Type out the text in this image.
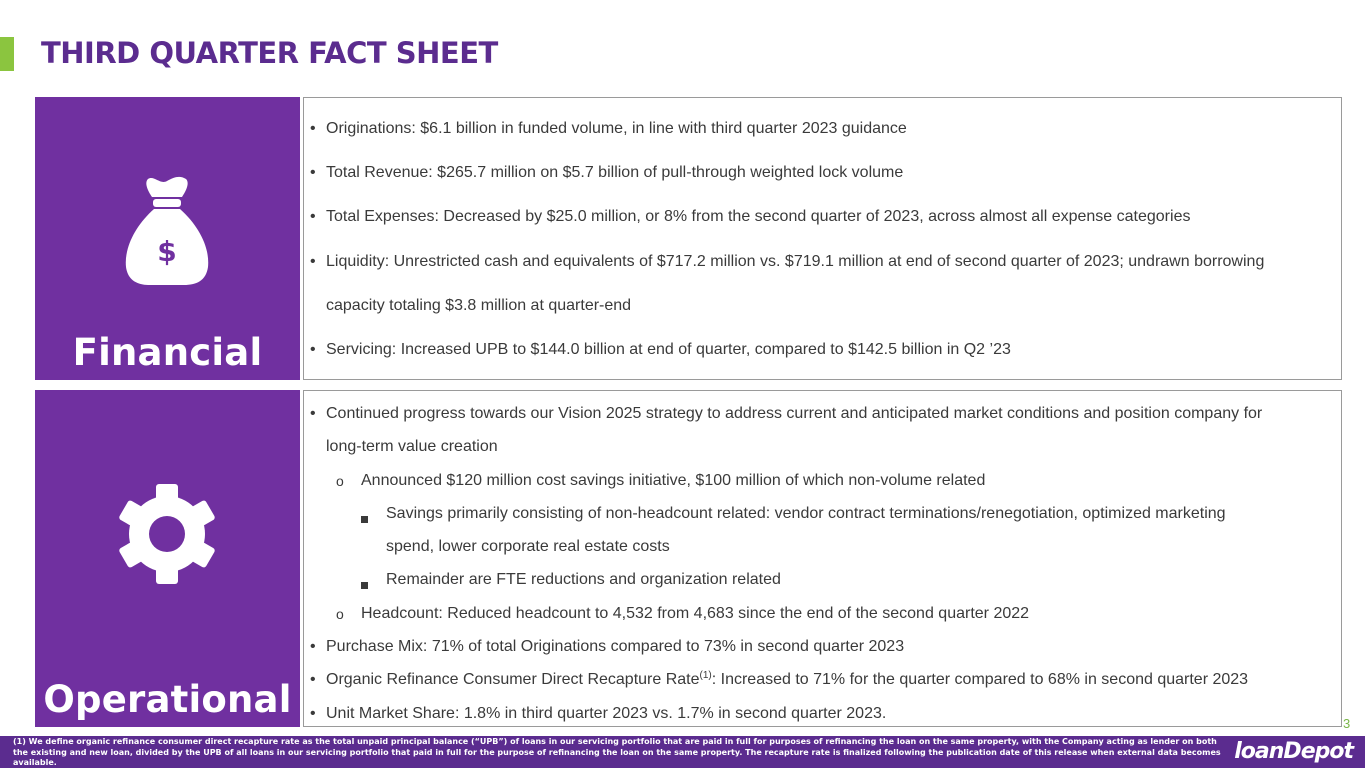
THIRD QUARTER FACT SHEET
$
Financial
• Originations: $6.1 billion in funded volume, in line with third quarter 2023 guidance
• Total Revenue: $265.7 million on $5.7 billion of pull-through weighted lock volume
• Total Expenses: Decreased by $25.0 million, or 8% from the second quarter of 2023, across almost all expense categories
• Liquidity: Unrestricted cash and equivalents of $717.2 million vs. $719.1 million at end of second quarter of 2023; undrawn borrowing
capacity totaling $3.8 million at quarter-end
• Servicing: Increased UPB to $144.0 billion at end of quarter, compared to $142.5 billion in Q2 ’23
Operational
• Continued progress towards our Vision 2025 strategy to address current and anticipated market conditions and position company for
long-term value creation
o Announced $120 million cost savings initiative, $100 million of which non-volume related
Savings primarily consisting of non-headcount related: vendor contract terminations/renegotiation, optimized marketing
spend, lower corporate real estate costs
Remainder are FTE reductions and organization related
o Headcount: Reduced headcount to 4,532 from 4,683 since the end of the second quarter 2022
• Purchase Mix: 71% of total Originations compared to 73% in second quarter 2023
• Organic Refinance Consumer Direct Recapture Rate$^{(1)}$: Increased to 71% for the quarter compared to 68% in second quarter 2023
• Unit Market Share: 1.8% in third quarter 2023 vs. 1.7% in second quarter 2023.
3
(1) We define organic refinance consumer direct recapture rate as the total unpaid principal balance (“UPB”) of loans in our servicing portfolio that are paid in full for purposes of refinancing the loan on the same property, with the Company acting as lender on both the existing and new loan, divided by the UPB of all loans in our servicing portfolio that paid in full for the purpose of refinancing the loan on the same property. The recapture rate is finalized following the publication date of this release when external data becomes available.	loanDepot
